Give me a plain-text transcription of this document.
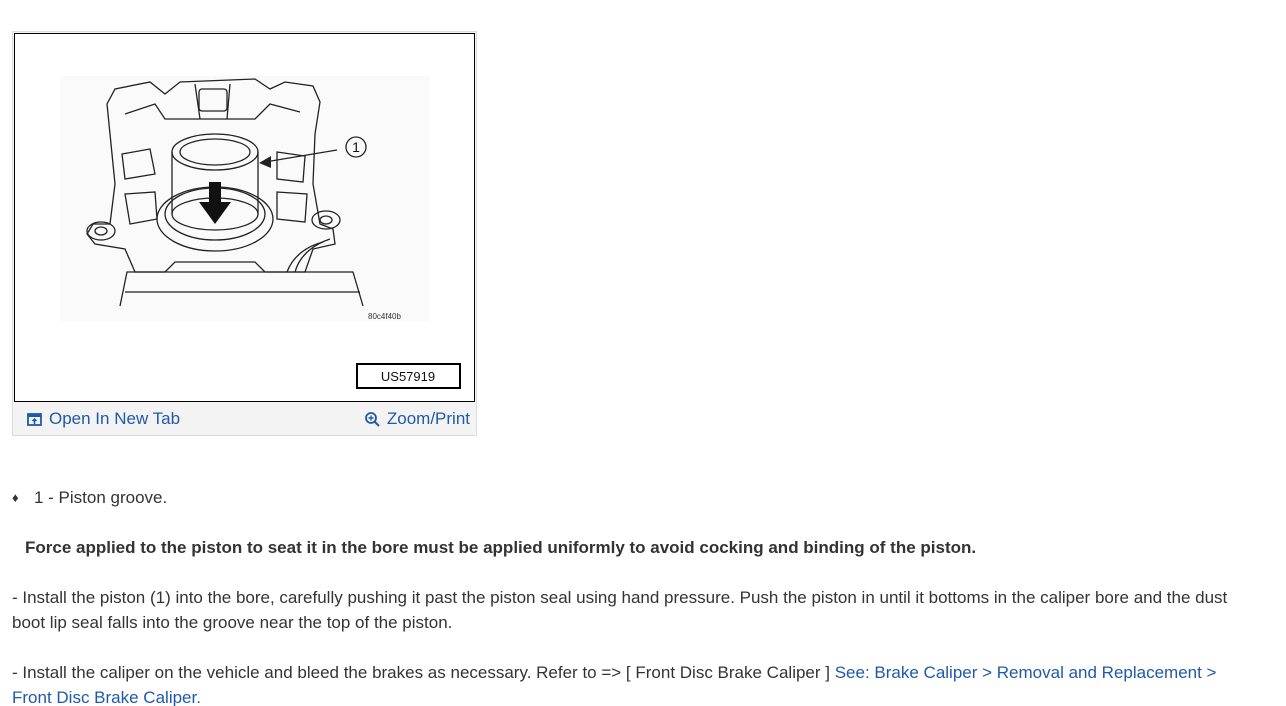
1
80c4f40b
US57919
Open In New Tab	Zoom/Print
♦ 1 - Piston groove.
Force applied to the piston to seat it in the bore must be applied uniformly to avoid cocking and binding of the piston.
- Install the piston (1) into the bore, carefully pushing it past the piston seal using hand pressure. Push the piston in until it bottoms in the caliper bore and the dust boot lip seal falls into the groove near the top of the piston.
- Install the caliper on the vehicle and bleed the brakes as necessary. Refer to => [ Front Disc Brake Caliper ] See: Brake Caliper > Removal and Replacement > Front Disc Brake Caliper.
